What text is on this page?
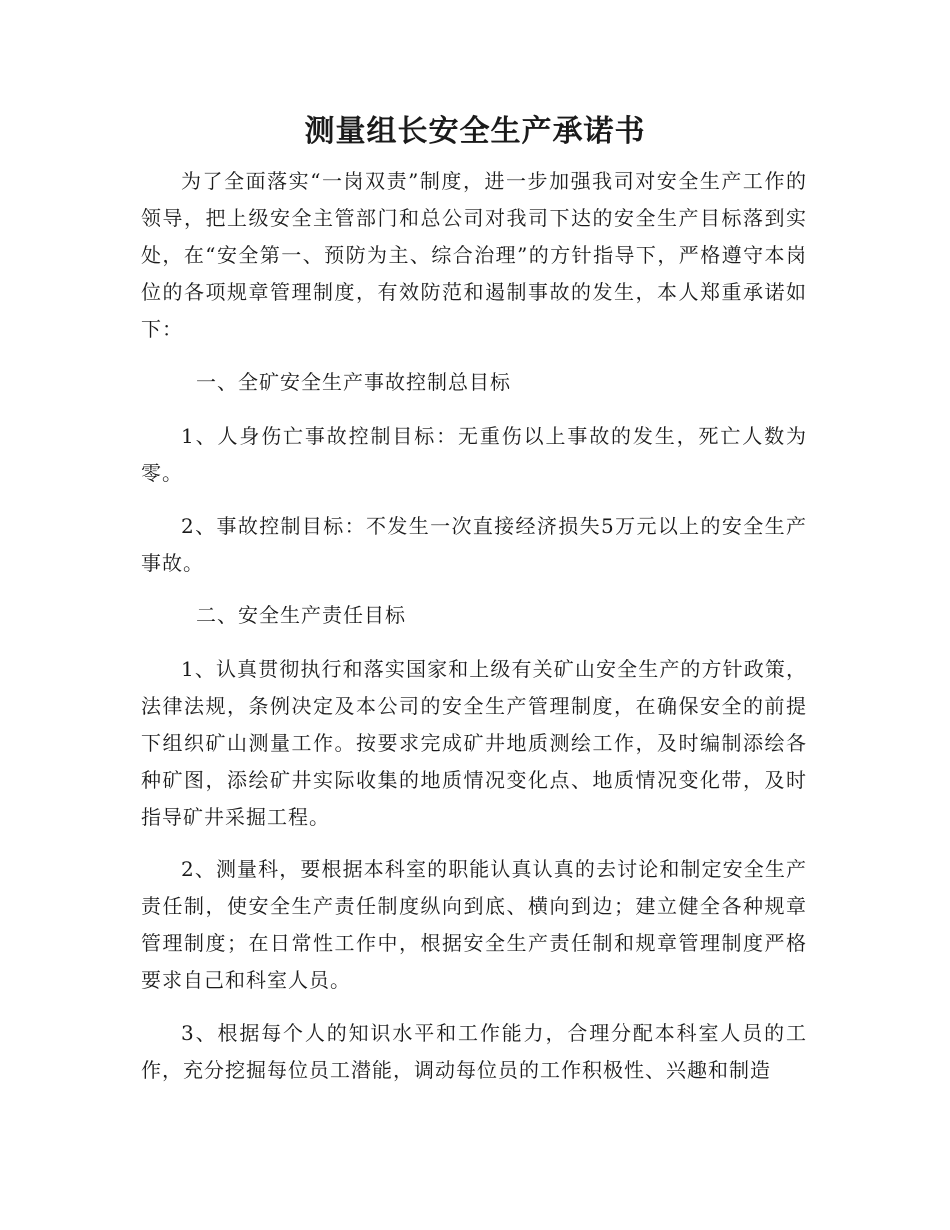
测量组长安全生产承诺书
为了全面落实“一岗双责”制度，进一步加强我司对安全生产工作的领导，把上级安全主管部门和总公司对我司下达的安全生产目标落到实处，在“安全第一、预防为主、综合治理”的方针指导下，严格遵守本岗位的各项规章管理制度，有效防范和遏制事故的发生，本人郑重承诺如下：
一、全矿安全生产事故控制总目标
1、人身伤亡事故控制目标：无重伤以上事故的发生，死亡人数为零。
2、事故控制目标：不发生一次直接经济损失5万元以上的安全生产事故。
二、安全生产责任目标
1、认真贯彻执行和落实国家和上级有关矿山安全生产的方针政策，法律法规，条例决定及本公司的安全生产管理制度，在确保安全的前提下组织矿山测量工作。按要求完成矿井地质测绘工作，及时编制添绘各种矿图，添绘矿井实际收集的地质情况变化点、地质情况变化带，及时指导矿井采掘工程。
2、测量科，要根据本科室的职能认真认真的去讨论和制定安全生产责任制，使安全生产责任制度纵向到底、横向到边；建立健全各种规章管理制度；在日常性工作中，根据安全生产责任制和规章管理制度严格要求自己和科室人员。
3、根据每个人的知识水平和工作能力，合理分配本科室人员的工作，充分挖掘每位员工潜能，调动每位员的工作积极性、兴趣和制造
